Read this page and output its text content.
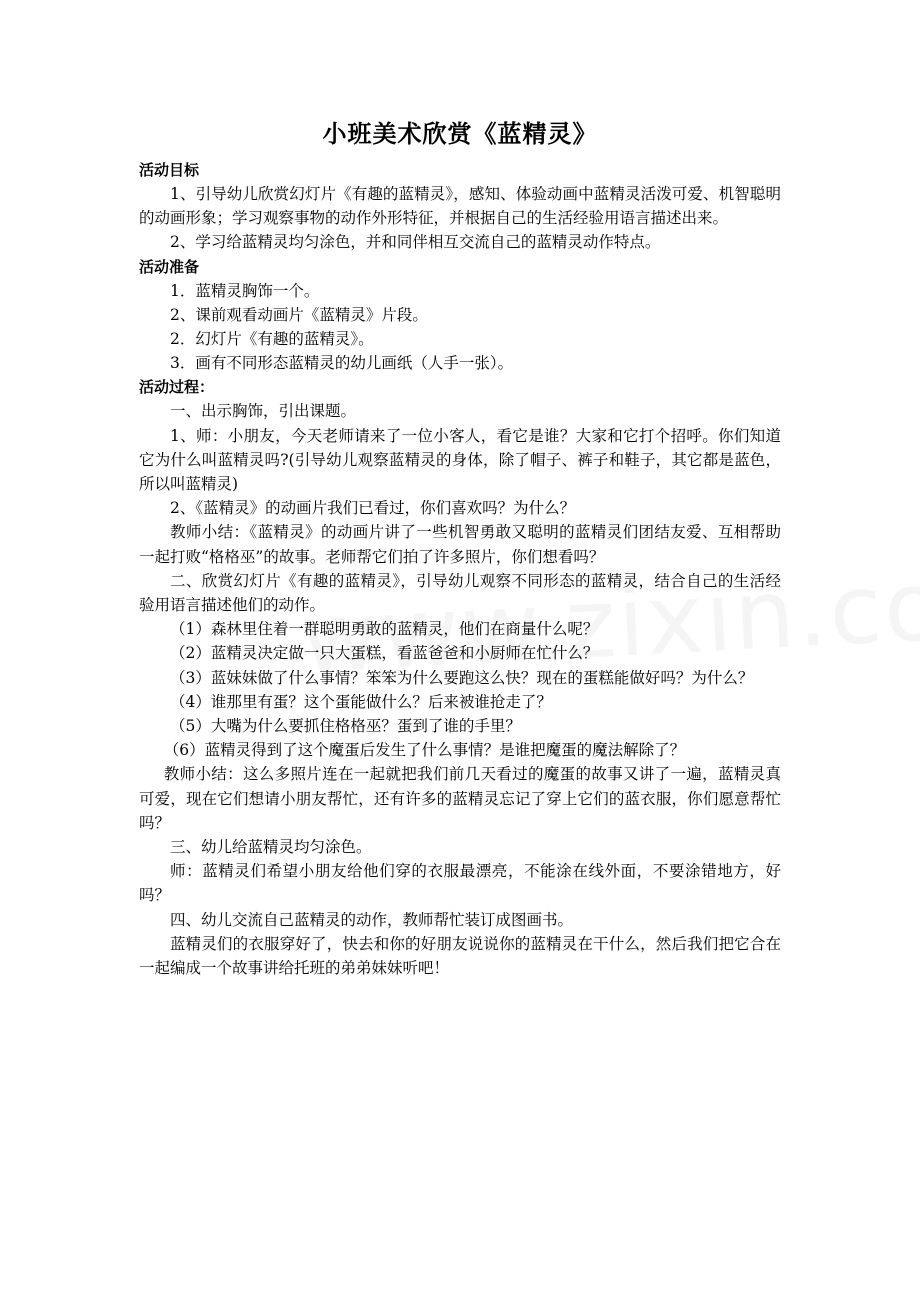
小班美术欣赏《蓝精灵》

活动目标

1、引导幼儿欣赏幻灯片《有趣的蓝精灵》，感知、体验动画中蓝精灵活泼可爱、机智聪明的动画形象；学习观察事物的动作外形特征，并根据自己的生活经验用语言描述出来。

2、学习给蓝精灵均匀涂色，并和同伴相互交流自己的蓝精灵动作特点。

活动准备

1．蓝精灵胸饰一个。

2、课前观看动画片《蓝精灵》片段。

2．幻灯片《有趣的蓝精灵》。

3．画有不同形态蓝精灵的幼儿画纸（人手一张）。

活动过程：

一、出示胸饰，引出课题。

1、师：小朋友，今天老师请来了一位小客人，看它是谁？大家和它打个招呼。你们知道它为什么叫蓝精灵吗?(引导幼儿观察蓝精灵的身体，除了帽子、裤子和鞋子，其它都是蓝色，所以叫蓝精灵)

2、《蓝精灵》的动画片我们已看过，你们喜欢吗？为什么？

教师小结：《蓝精灵》的动画片讲了一些机智勇敢又聪明的蓝精灵们团结友爱、互相帮助一起打败“格格巫”的故事。老师帮它们拍了许多照片，你们想看吗？

二、欣赏幻灯片《有趣的蓝精灵》，引导幼儿观察不同形态的蓝精灵，结合自己的生活经验用语言描述他们的动作。

（1）森林里住着一群聪明勇敢的蓝精灵，他们在商量什么呢？

（2）蓝精灵决定做一只大蛋糕，看蓝爸爸和小厨师在忙什么？

（3）蓝妹妹做了什么事情？笨笨为什么要跑这么快？现在的蛋糕能做好吗？为什么？

（4）谁那里有蛋？这个蛋能做什么？后来被谁抢走了？

（5）大嘴为什么要抓住格格巫？蛋到了谁的手里？

（6）蓝精灵得到了这个魔蛋后发生了什么事情？是谁把魔蛋的魔法解除了？

教师小结：这么多照片连在一起就把我们前几天看过的魔蛋的故事又讲了一遍，蓝精灵真可爱，现在它们想请小朋友帮忙，还有许多的蓝精灵忘记了穿上它们的蓝衣服，你们愿意帮忙吗？

三、幼儿给蓝精灵均匀涂色。

师：蓝精灵们希望小朋友给他们穿的衣服最漂亮，不能涂在线外面，不要涂错地方，好吗？

四、幼儿交流自己蓝精灵的动作，教师帮忙装订成图画书。

蓝精灵们的衣服穿好了，快去和你的好朋友说说你的蓝精灵在干什么，然后我们把它合在一起编成一个故事讲给托班的弟弟妹妹听吧！
